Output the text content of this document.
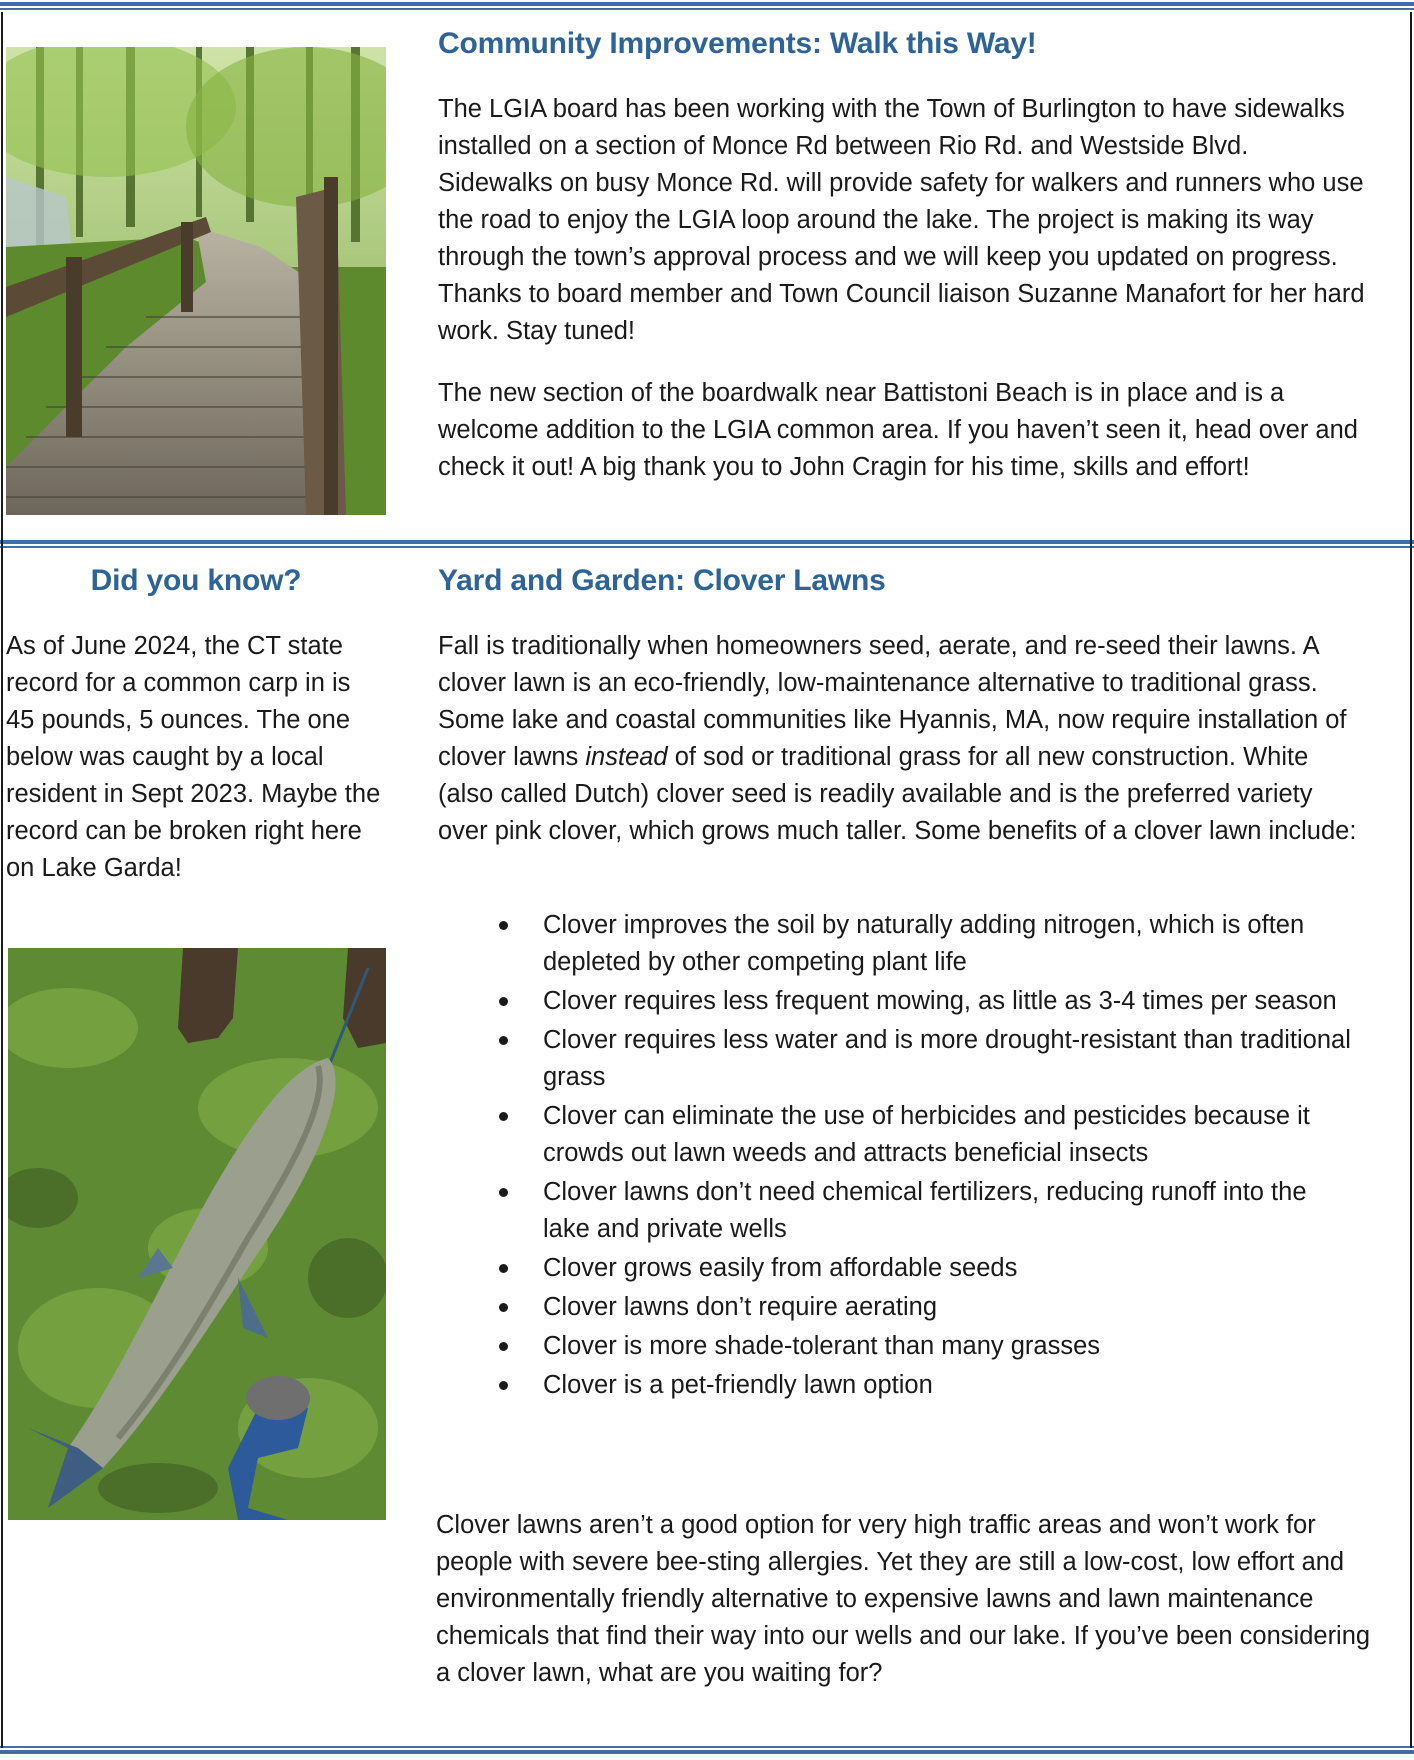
Community Improvements: Walk this Way!

The LGIA board has been working with the Town of Burlington to have sidewalks installed on a section of Monce Rd between Rio Rd. and Westside Blvd. Sidewalks on busy Monce Rd. will provide safety for walkers and runners who use the road to enjoy the LGIA loop around the lake. The project is making its way through the town’s approval process and we will keep you updated on progress. Thanks to board member and Town Council liaison Suzanne Manafort for her hard work. Stay tuned!

The new section of the boardwalk near Battistoni Beach is in place and is a welcome addition to the LGIA common area. If you haven’t seen it, head over and check it out! A big thank you to John Cragin for his time, skills and effort!

Did you know?

As of June 2024, the CT state record for a common carp in is 45 pounds, 5 ounces. The one below was caught by a local resident in Sept 2023. Maybe the record can be broken right here on Lake Garda!

Yard and Garden: Clover Lawns

Fall is traditionally when homeowners seed, aerate, and re-seed their lawns. A clover lawn is an eco-friendly, low-maintenance alternative to traditional grass. Some lake and coastal communities like Hyannis, MA, now require installation of clover lawns instead of sod or traditional grass for all new construction. White (also called Dutch) clover seed is readily available and is the preferred variety over pink clover, which grows much taller. Some benefits of a clover lawn include:

Clover improves the soil by naturally adding nitrogen, which is often depleted by other competing plant life
Clover requires less frequent mowing, as little as 3-4 times per season
Clover requires less water and is more drought-resistant than traditional grass
Clover can eliminate the use of herbicides and pesticides because it crowds out lawn weeds and attracts beneficial insects
Clover lawns don’t need chemical fertilizers, reducing runoff into the lake and private wells
Clover grows easily from affordable seeds
Clover lawns don’t require aerating
Clover is more shade-tolerant than many grasses
Clover is a pet-friendly lawn option

Clover lawns aren’t a good option for very high traffic areas and won’t work for people with severe bee-sting allergies. Yet they are still a low-cost, low effort and environmentally friendly alternative to expensive lawns and lawn maintenance chemicals that find their way into our wells and our lake. If you’ve been considering a clover lawn, what are you waiting for?
